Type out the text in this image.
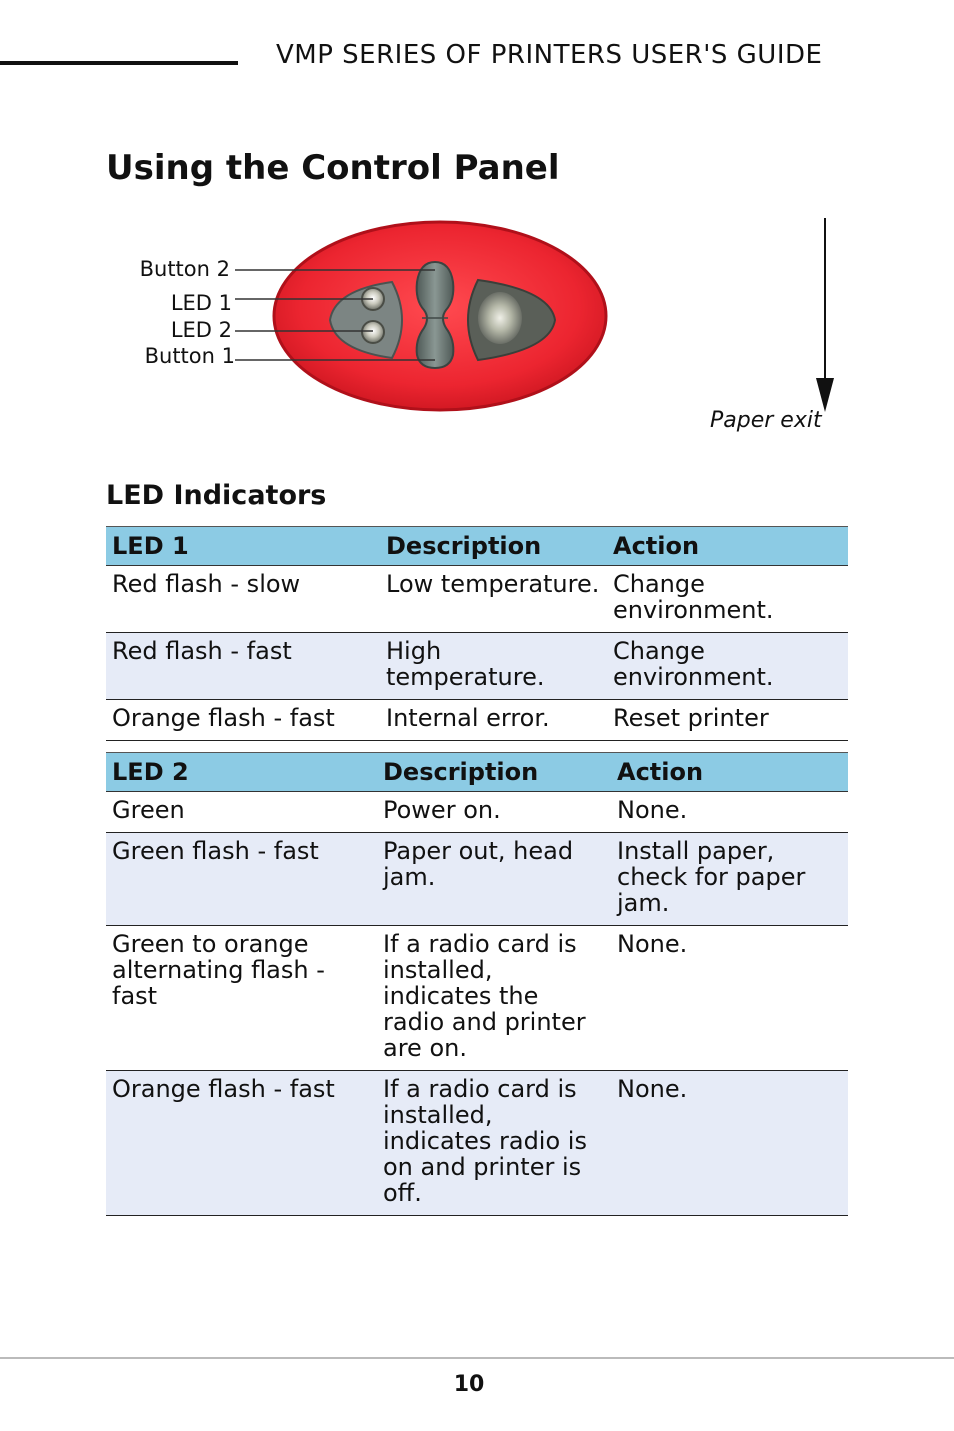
VMP SERIES OF PRINTERS USER'S GUIDE
Using the Control Panel
Button 2
LED 1
LED 2
Button 1
Paper exit
LED Indicators
LED 1	Description	Action
Red flash - slow	Low temperature.	Change environment.
Red flash - fast	High temperature.	Change environment.
Orange flash - fast	Internal error.	Reset printer
LED 2	Description	Action
Green	Power on.	None.
Green flash - fast	Paper out, head jam.	Install paper, check for paper jam.
Green to orange alternating flash - fast	If a radio card is installed, indicates the radio and printer are on.	None.
Orange flash - fast	If a radio card is installed, indicates radio is on and printer is off.	None.
10
